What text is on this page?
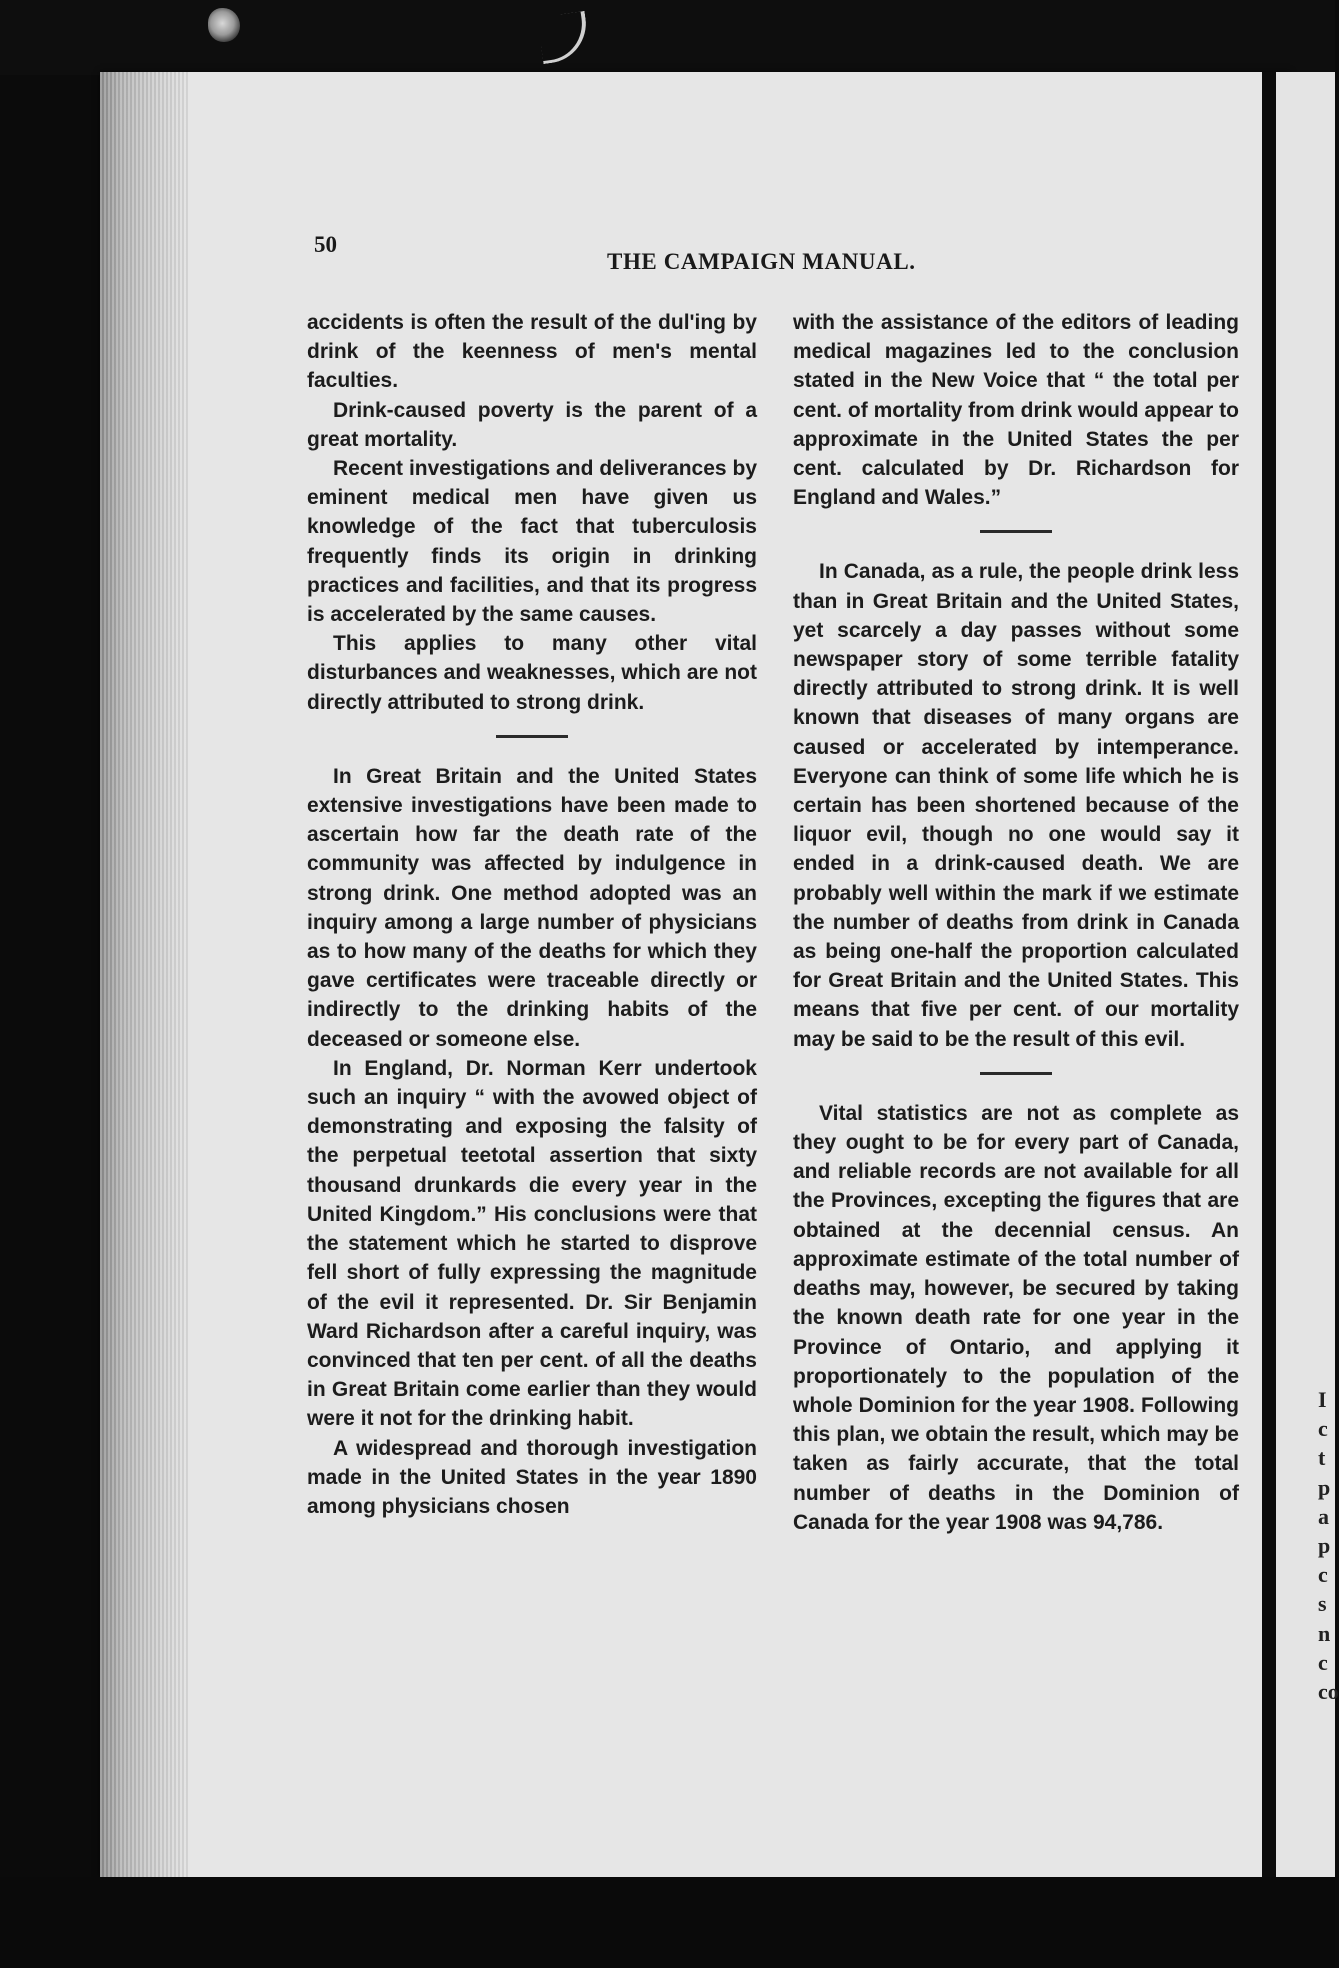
I
c
t
p
a
p
c
s
n
c
co
50
THE CAMPAIGN MANUAL.

accidents is often the result of the dul'ing by drink of the keenness of men's mental faculties.

Drink-caused poverty is the parent of a great mortality.

Recent investigations and deliverances by eminent medical men have given us knowledge of the fact that tuberculosis frequently finds its origin in drinking practices and facilities, and that its progress is accelerated by the same causes.

This applies to many other vital disturbances and weaknesses, which are not directly attributed to strong drink.

In Great Britain and the United States extensive investigations have been made to ascertain how far the death rate of the community was affected by indulgence in strong drink. One method adopted was an inquiry among a large number of physicians as to how many of the deaths for which they gave certificates were traceable directly or indirectly to the drinking habits of the deceased or someone else.

In England, Dr. Norman Kerr undertook such an inquiry “ with the avowed object of demonstrating and exposing the falsity of the perpetual teetotal assertion that sixty thousand drunkards die every year in the United Kingdom.” His conclusions were that the statement which he started to disprove fell short of fully expressing the magnitude of the evil it represented. Dr. Sir Benjamin Ward Richardson after a careful inquiry, was convinced that ten per cent. of all the deaths in Great Britain come earlier than they would were it not for the drinking habit.

A widespread and thorough investigation made in the United States in the year 1890 among physicians chosen

with the assistance of the editors of leading medical magazines led to the conclusion stated in the New Voice that “ the total per cent. of mortality from drink would appear to approximate in the United States the per cent. calculated by Dr. Richardson for England and Wales.”

In Canada, as a rule, the people drink less than in Great Britain and the United States, yet scarcely a day passes without some newspaper story of some terrible fatality directly attributed to strong drink. It is well known that diseases of many organs are caused or accelerated by intemperance. Everyone can think of some life which he is certain has been shortened because of the liquor evil, though no one would say it ended in a drink-caused death. We are probably well within the mark if we estimate the number of deaths from drink in Canada as being one-half the proportion calculated for Great Britain and the United States. This means that five per cent. of our mortality may be said to be the result of this evil.

Vital statistics are not as complete as they ought to be for every part of Canada, and reliable records are not available for all the Provinces, excepting the figures that are obtained at the decennial census. An approximate estimate of the total number of deaths may, however, be secured by taking the known death rate for one year in the Province of Ontario, and applying it proportionately to the population of the whole Dominion for the year 1908. Following this plan, we obtain the result, which may be taken as fairly accurate, that the total number of deaths in the Dominion of Canada for the year 1908 was 94,786.
